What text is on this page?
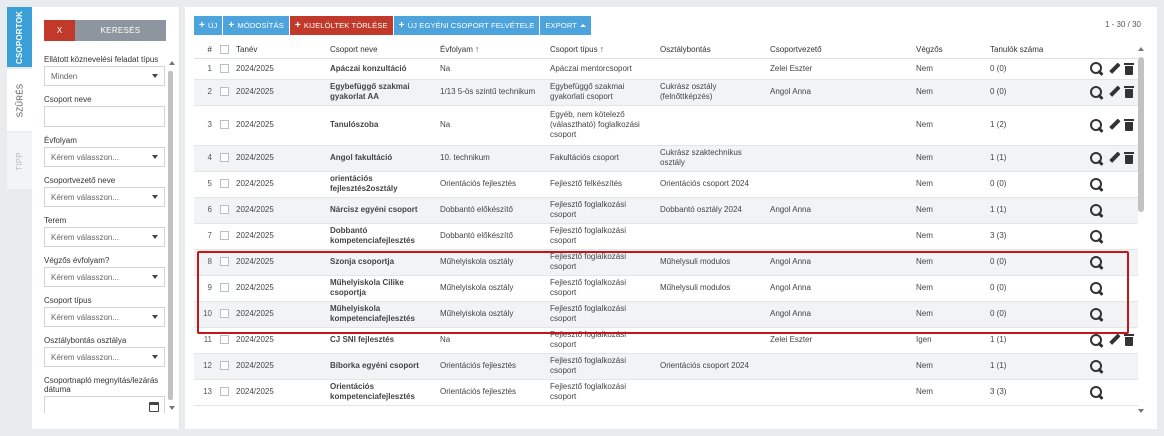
CSOPORTOK
SZŰRÉS
TIPP
X	KERESÉS
Ellátott köznevelési feladat típus
Minden
Csoport neve
Évfolyam
Kérem válasszon...
Csoportvezető neve
Kérem válasszon...
Terem
Kérem válasszon...
Végzős évfolyam?
Kérem válasszon...
Csoport típus
Kérem válasszon...
Osztálybontás osztálya
Kérem válasszon...
Csoportnapló megnyitás/lezárás dátuma
+ ÚJ + MÓDOSÍTÁS + KIJELÖLTEK TÖRLÉSE + ÚJ EGYÉNI CSOPORT FELVÉTELE EXPORT	1 - 30 / 30
#		Tanév	Csoport neve	Évfolyam ↑	Csoport típus ↑	Osztálybontás	Csoportvezető	Végzős	Tanulók száma	
1		2024/2025	Apáczai konzultáció	Na	Apáczai mentorcsoport		Zelei Eszter	Nem	0 (0)	

2		2024/2025	Egybefüggő szakmai gyakorlat AA	1/13 5-ös szintű technikum	Egybefüggő szakmai gyakorlati csoport	Cukrász osztály (felnőttképzés)	Angol Anna	Nem	0 (0)	

3		2024/2025	Tanulószoba	Na	Egyéb, nem kötelező (választható) foglalkozási csoport			Nem	1 (2)	

4		2024/2025	Angol fakultáció	10. technikum	Fakultációs csoport	Cukrász szaktechnikus osztály		Nem	1 (1)	

5		2024/2025	orientációs fejlesztés2osztály	Orientációs fejlesztés	Fejlesztő felkészítés	Orientációs csoport 2024		Nem	0 (0)	

6		2024/2025	Nárcisz egyéni csoport	Dobbantó előkészítő	Fejlesztő foglalkozási csoport	Dobbantó osztály 2024	Angol Anna	Nem	1 (1)	

7		2024/2025	Dobbantó kompetenciafejlesztés	Dobbantó előkészítő	Fejlesztő foglalkozási csoport			Nem	3 (3)	

8		2024/2025	Szonja csoportja	Műhelyiskola osztály	Fejlesztő foglalkozási csoport	Műhelysuli modulos	Angol Anna	Nem	0 (0)	

9		2024/2025	Műhelyiskola Cilike csoportja	Műhelyiskola osztály	Fejlesztő foglalkozási csoport	Műhelysuli modulos	Angol Anna	Nem	0 (0)	

10		2024/2025	Műhelyiskola kompetenciafejlesztés	Műhelyiskola osztály	Fejlesztő foglalkozási csoport		Angol Anna	Nem	0 (0)	

11		2024/2025	CJ SNI fejlesztés	Na	Fejlesztő foglalkozási csoport		Zelei Eszter	Igen	1 (1)	

12		2024/2025	Bíborka egyéni csoport	Orientációs fejlesztés	Fejlesztő foglalkozási csoport	Orientációs csoport 2024		Nem	1 (1)	

13		2024/2025	Orientációs kompetenciafejlesztés	Orientációs fejlesztés	Fejlesztő foglalkozási csoport			Nem	3 (3)	
